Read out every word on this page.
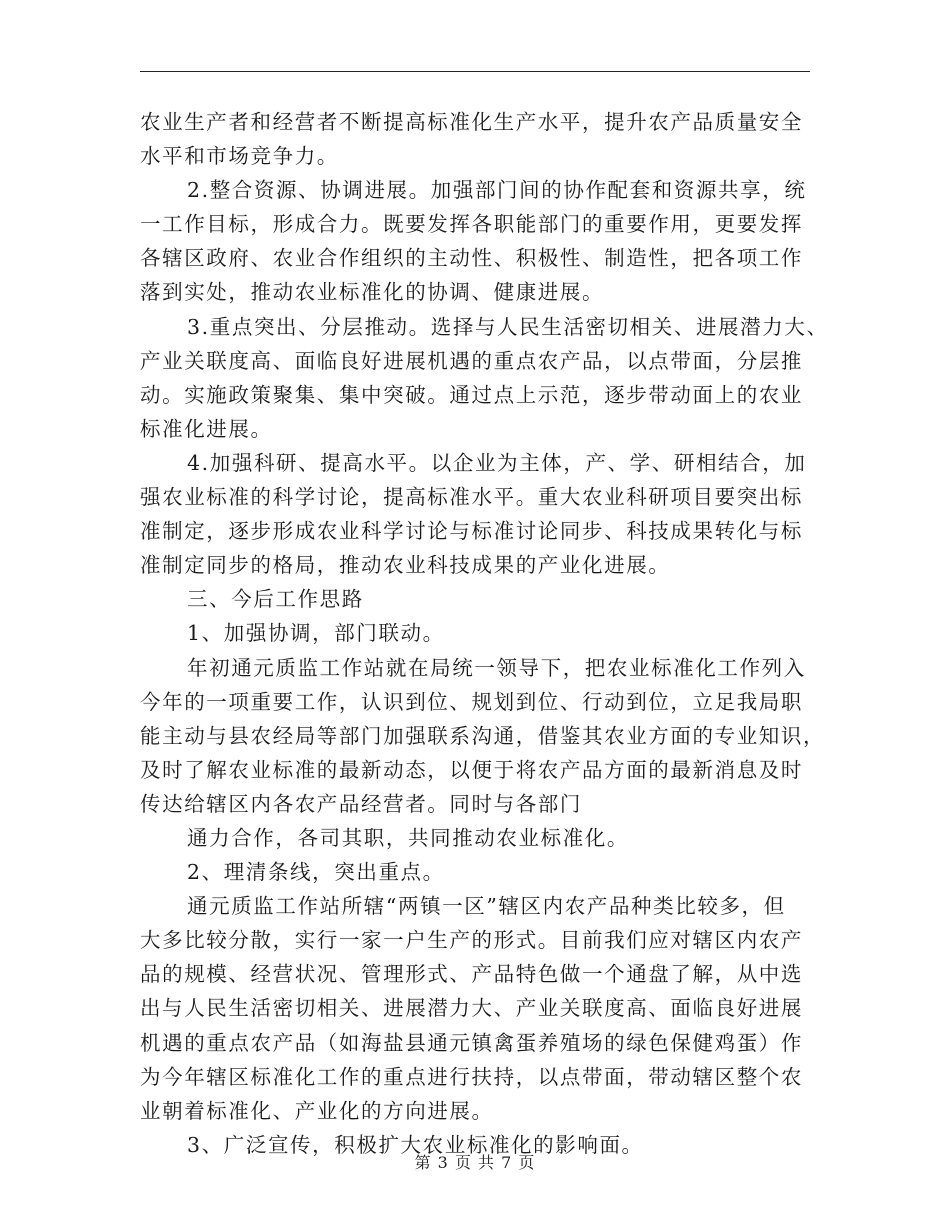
农业生产者和经营者不断提高标准化生产水平，提升农产品质量安全
水平和市场竞争力。
2.整合资源、协调进展。加强部门间的协作配套和资源共享，统
一工作目标，形成合力。既要发挥各职能部门的重要作用，更要发挥
各辖区政府、农业合作组织的主动性、积极性、制造性，把各项工作
落到实处，推动农业标准化的协调、健康进展。
3.重点突出、分层推动。选择与人民生活密切相关、进展潜力大、
产业关联度高、面临良好进展机遇的重点农产品，以点带面，分层推
动。实施政策聚集、集中突破。通过点上示范，逐步带动面上的农业
标准化进展。
4.加强科研、提高水平。以企业为主体，产、学、研相结合，加
强农业标准的科学讨论，提高标准水平。重大农业科研项目要突出标
准制定，逐步形成农业科学讨论与标准讨论同步、科技成果转化与标
准制定同步的格局，推动农业科技成果的产业化进展。
三、今后工作思路
1、加强协调，部门联动。
年初通元质监工作站就在局统一领导下，把农业标准化工作列入
今年的一项重要工作，认识到位、规划到位、行动到位，立足我局职
能主动与县农经局等部门加强联系沟通，借鉴其农业方面的专业知识，
及时了解农业标准的最新动态，以便于将农产品方面的最新消息及时
传达给辖区内各农产品经营者。同时与各部门
通力合作，各司其职，共同推动农业标准化。
2、理清条线，突出重点。
通元质监工作站所辖“两镇一区”辖区内农产品种类比较多，但
大多比较分散，实行一家一户生产的形式。目前我们应对辖区内农产
品的规模、经营状况、管理形式、产品特色做一个通盘了解，从中选
出与人民生活密切相关、进展潜力大、产业关联度高、面临良好进展
机遇的重点农产品（如海盐县通元镇禽蛋养殖场的绿色保健鸡蛋）作
为今年辖区标准化工作的重点进行扶持，以点带面，带动辖区整个农
业朝着标准化、产业化的方向进展。
3、广泛宣传，积极扩大农业标准化的影响面。
第 3 页 共 7 页
